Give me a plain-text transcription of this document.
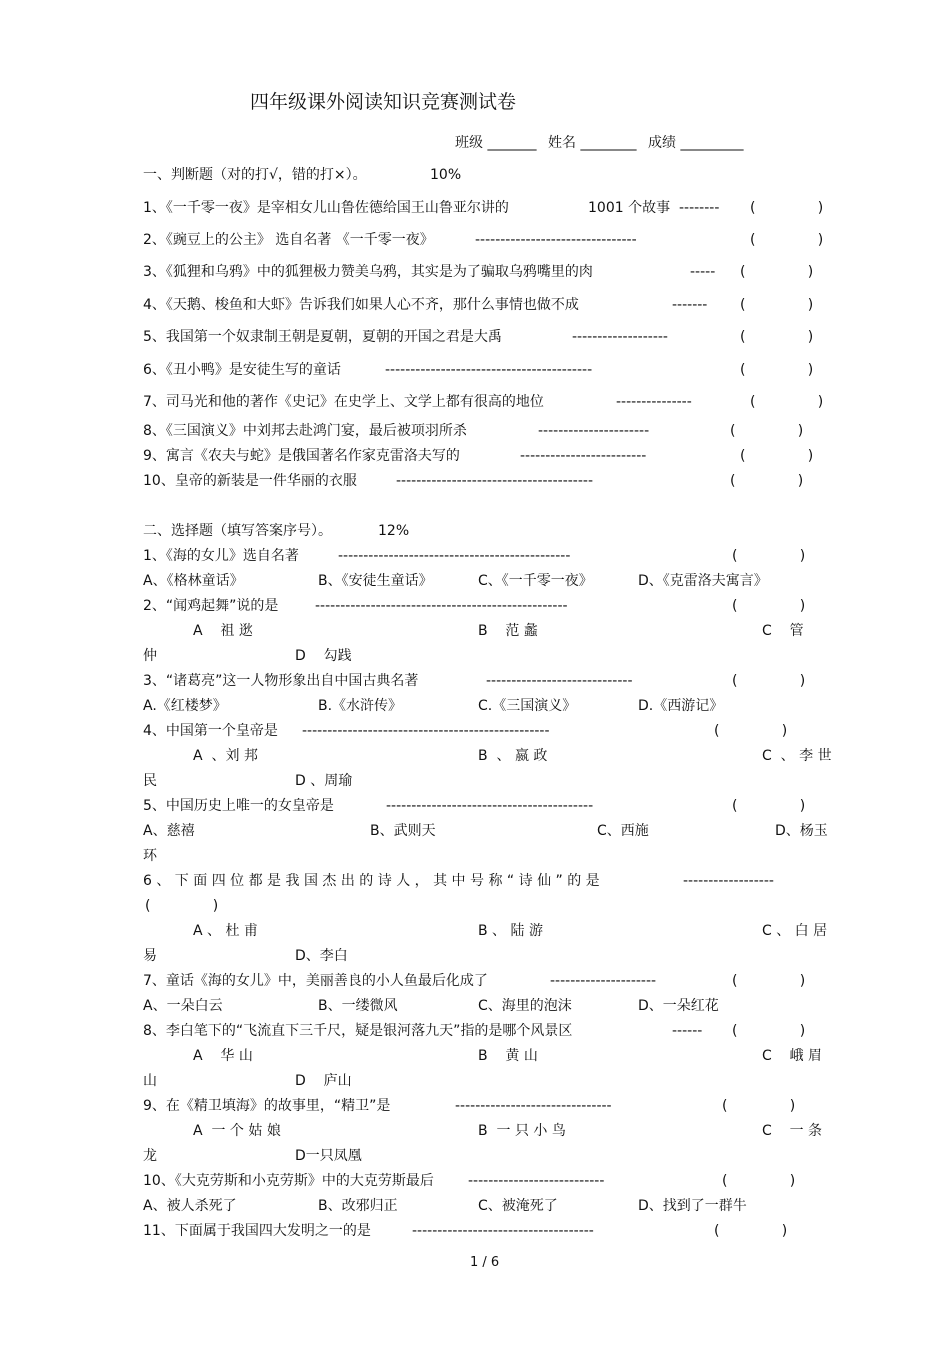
四年级课外阅读知识竞赛测试卷
班级 _______ 姓名 ________ 成绩 _________
一、判断题（对的打√，错的打×）。	10%
1、《一千零一夜》是宰相女儿山鲁佐德给国王山鲁亚尔讲的	1001 个故事  -------- (              )
2、《豌豆上的公主》 选自名著 《一千零一夜》	--------------------------------	(              )
3、《狐狸和乌鸦》中的狐狸极力赞美乌鸦，其实是为了骗取乌鸦嘴里的肉	----- (              )
4、《天鹅、梭鱼和大虾》告诉我们如果人心不齐，那什么事情也做不成	------- (              )
5、我国第一个奴隶制王朝是夏朝，夏朝的开国之君是大禹	-------------------	(              )
6、《丑小鸭》是安徒生写的童话	-----------------------------------------	(              )
7、司马光和他的著作《史记》在史学上、文学上都有很高的地位	---------------	(              )
8、《三国演义》中刘邦去赴鸿门宴，最后被项羽所杀	----------------------	(              )
9、寓言《农夫与蛇》是俄国著名作家克雷洛夫写的	-------------------------	(              )
10、皇帝的新装是一件华丽的衣服	---------------------------------------	(              )
二、选择题（填写答案序号）。	12%
1、《海的女儿》选自名著	----------------------------------------------	(              )
A、《格林童话》	B、《安徒生童话》	C、《一千零一夜》	D、《克雷洛夫寓言》
2、“闻鸡起舞”说的是	--------------------------------------------------	(              )
A    祖 逖	B    范 蠡	C    管
仲	D    勾践
3、“诸葛亮”这一人物形象出自中国古典名著	-----------------------------	(              )
A.《红楼梦》	B.《水浒传》	C.《三国演义》	D.《西游记》
4、中国第一个皇帝是 -------------------------------------------------	(              )
A  、刘 邦	B  、 嬴 政	C  、 李 世
民	D 、周瑜
5、中国历史上唯一的女皇帝是	-----------------------------------------	(              )
A、慈禧	B、武则天	C、西施	D、杨玉
环
6 、 下 面 四 位 都 是 我 国 杰 出 的 诗 人 ， 其 中 号 称 “ 诗 仙 ” 的 是	------------------
(              )
A 、 杜 甫	B 、 陆 游	C 、 白 居
易	D、李白
7、童话《海的女儿》中，美丽善良的小人鱼最后化成了	---------------------	(              )
A、一朵白云	B、一缕微风	C、海里的泡沫	D、一朵红花
8、李白笔下的“飞流直下三千尺，疑是银河落九天”指的是哪个风景区	------ (              )
A    华 山	B    黄 山	C    峨 眉
山	D    庐山
9、在《精卫填海》的故事里，“精卫”是	-------------------------------	(              )
A  一 个 姑 娘	B  一 只 小 鸟	C    一 条
龙	D一只凤凰
10、《大克劳斯和小克劳斯》中的大克劳斯最后 ---------------------------	(              )
A、被人杀死了	B、改邪归正	C、被淹死了	D、找到了一群牛
11、下面属于我国四大发明之一的是	------------------------------------	(              )
1 / 6
